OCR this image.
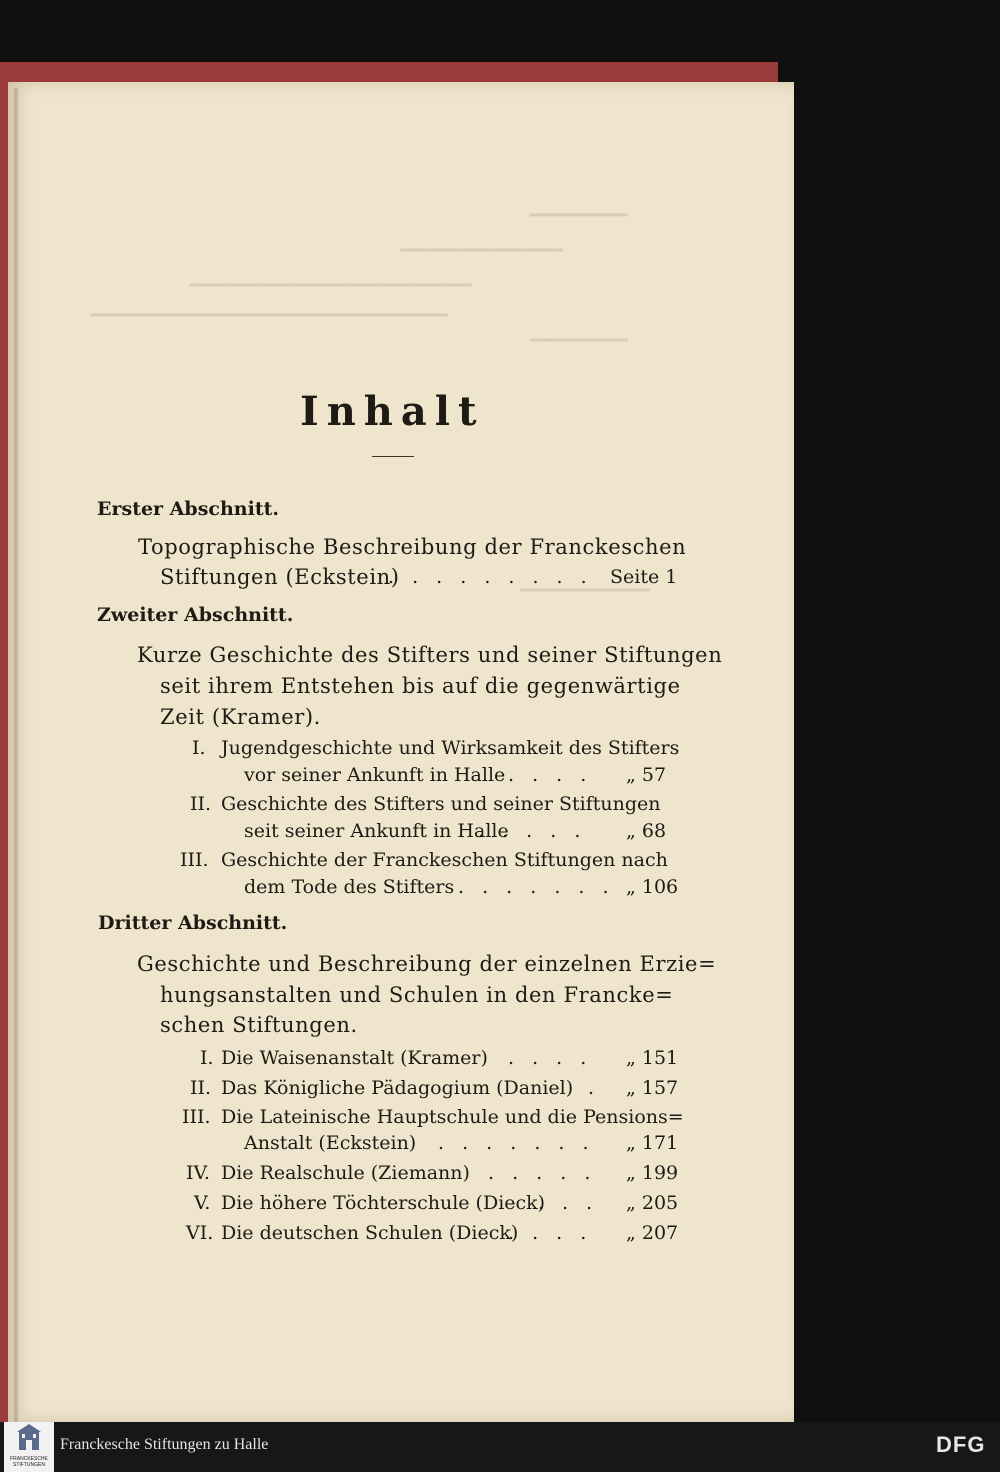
━━━━━━━━━
━━━━━━━━━━━━━━━
━━━━━━━━━━━━━━━━━━━━━━━━━━
━━━━━━━━━━━━━━━━━━━━━━━━━━━━━━━━━
━━━━━━━━━
━━━━━━━━━━━━
Inhalt
Erster Abschnitt.
Topographische Beschreibung der Franckeschen
Stiftungen (Eckstein)
. . . . . . . . . Seite 1
Zweiter Abschnitt.
Kurze Geschichte des Stifters und seiner Stiftungen
seit ihrem Entstehen bis auf die gegenwärtige
Zeit (Kramer).
I. Jugendgeschichte und Wirksamkeit des Stifters
vor seiner Ankunft in Halle . . . . „ 57
II. Geschichte des Stifters und seiner Stiftungen
seit seiner Ankunft in Halle
. . . . . „ 68
III. Geschichte der Franckeschen Stiftungen nach
dem Tode des Stifters . . . . . . . „ 106
Dritter Abschnitt.
Geschichte und Beschreibung der einzelnen Erzie=
hungsanstalten und Schulen in den Francke=
schen Stiftungen.
I. Die Waisenanstalt (Kramer) . . . . „ 151
II. Das Königliche Pädagogium (Daniel) . „ 157
III. Die Lateinische Hauptschule und die Pensions=
Anstalt (Eckstein) . . . . . . . „ 171
IV. Die Realschule (Ziemann) . . . . . „ 199
V. Die höhere Töchterschule (Dieck)
. . . „ 205
VI. Die deutschen Schulen (Dieck)
. . . . „ 207
FRANCKESCHE STIFTUNGEN
Franckesche Stiftungen zu Halle	DFG
